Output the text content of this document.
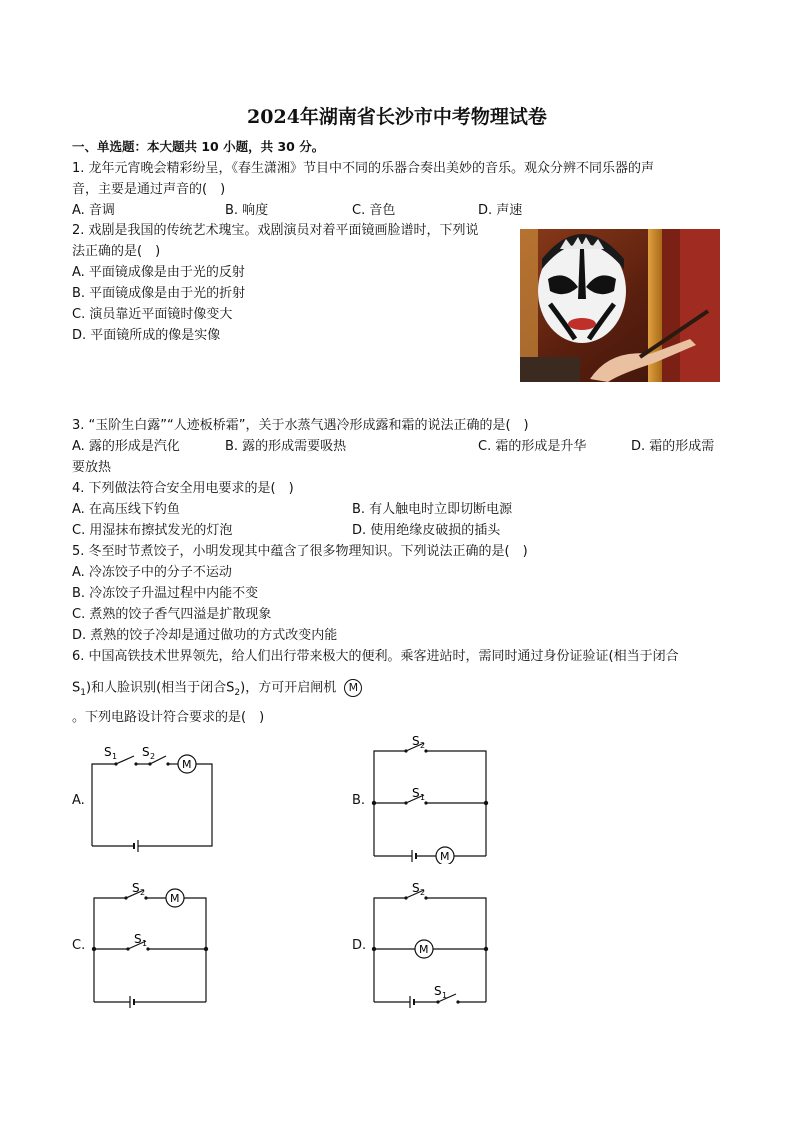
2024年湖南省长沙市中考物理试卷
一、单选题：本大题共 10 小题，共 30 分。
1. 龙年元宵晚会精彩纷呈，《春生潇湘》节目中不同的乐器合奏出美妙的音乐。观众分辨不同乐器的声
音，主要是通过声音的(　)
A. 音调	B. 响度	C. 音色	D. 声速
2. 戏剧是我国的传统艺术瑰宝。戏剧演员对着平面镜画脸谱时，下列说
法正确的是(　)
A. 平面镜成像是由于光的反射
B. 平面镜成像是由于光的折射
C. 演员靠近平面镜时像变大
D. 平面镜所成的像是实像
3. “玉阶生白露”“人迹板桥霜”，关于水蒸气遇冷形成露和霜的说法正确的是(　)
A. 露的形成是汽化	B. 露的形成需要吸热	C. 霜的形成是升华	D. 霜的形成需
要放热
4. 下列做法符合安全用电要求的是(　)
A. 在高压线下钓鱼	B. 有人触电时立即切断电源
C. 用湿抹布擦拭发光的灯泡	D. 使用绝缘皮破损的插头
5. 冬至时节煮饺子，小明发现其中蕴含了很多物理知识。下列说法正确的是(　)
A. 冷冻饺子中的分子不运动
B. 冷冻饺子升温过程中内能不变
C. 煮熟的饺子香气四溢是扩散现象
D. 煮熟的饺子冷却是通过做功的方式改变内能
6. 中国高铁技术世界领先，给人们出行带来极大的便利。乘客进站时，需同时通过身份证验证(相当于闭合
$S_1$)和人脸识别(相当于闭合$S_2$)，方可开启闸机 M
。下列电路设计符合要求的是(　)
A.
M
S 1 S 2
B.
M
S 2
S 1
C.
M
S 2
S 1	D.	M
S 2
S 1
